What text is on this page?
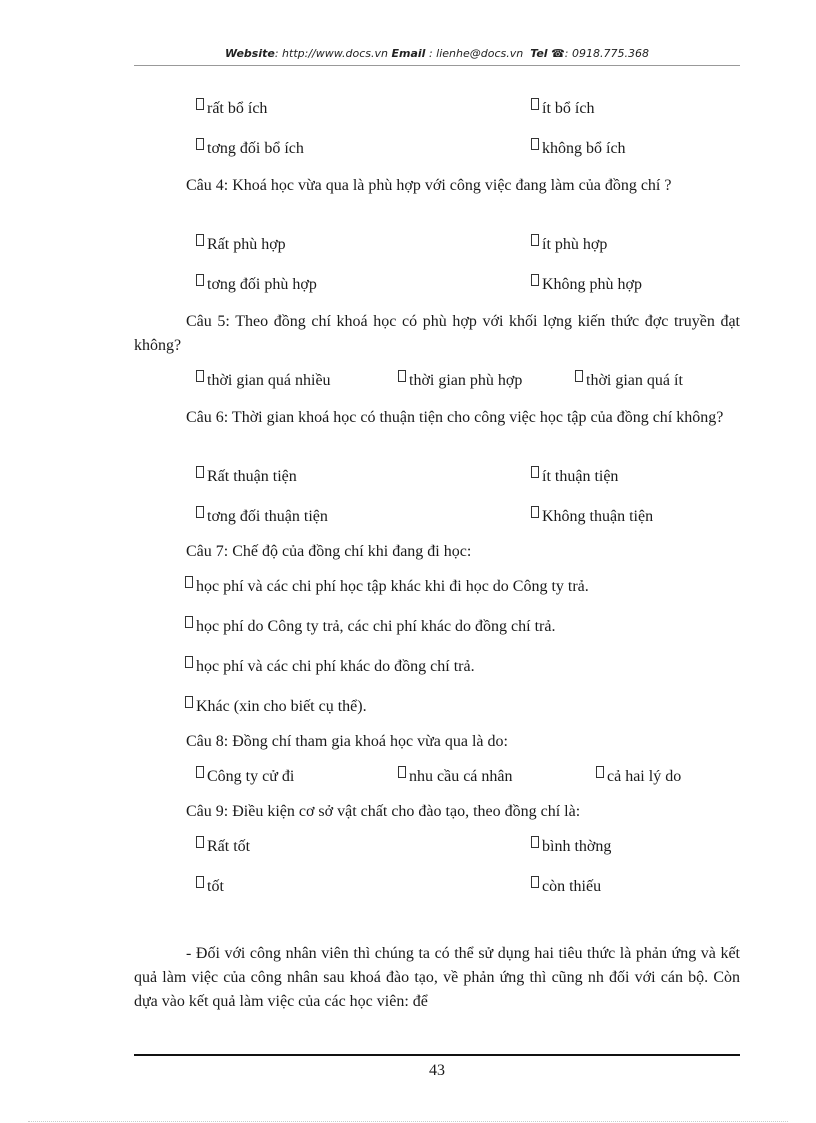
Website: http://www.docs.vn Email : lienhe@docs.vn Tel ☎: 0918.775.368
rất bổ ích	ít bổ ích
tơng đối bổ ích	không bổ ích
Câu 4: Khoá học vừa qua là phù hợp với công việc đang làm của đồng chí ?
Rất phù hợp	ít phù hợp
tơng đối phù hợp	Không phù hợp
Câu 5: Theo đồng chí khoá học có phù hợp với khối lợng kiến thức đợc truyền đạt không?
thời gian quá nhiều	thời gian phù hợp	thời gian quá ít
Câu 6: Thời gian khoá học có thuận tiện cho công việc học tập của đồng chí không?
Rất thuận tiện	ít thuận tiện
tơng đối thuận tiện	Không thuận tiện
Câu 7: Chế độ của đồng chí khi đang đi học:
học phí và các chi phí học tập khác khi đi học do Công ty trả.
học phí do Công ty trả, các chi phí khác do đồng chí trả.
học phí và các chi phí khác do đồng chí trả.
Khác (xin cho biết cụ thể).
Câu 8: Đồng chí tham gia khoá học vừa qua là do:
Công ty cử đi	nhu cầu cá nhân	cả hai lý do
Câu 9: Điều kiện cơ sở vật chất cho đào tạo, theo đồng chí là:
Rất tốt	bình thờng
tốt	còn thiếu
- Đối với công nhân viên thì chúng ta có thể sử dụng hai tiêu thức là phản ứng và kết quả làm việc của công nhân sau khoá đào tạo, về phản ứng thì cũng nh đối với cán bộ. Còn dựa vào kết quả làm việc của các học viên: để
43
